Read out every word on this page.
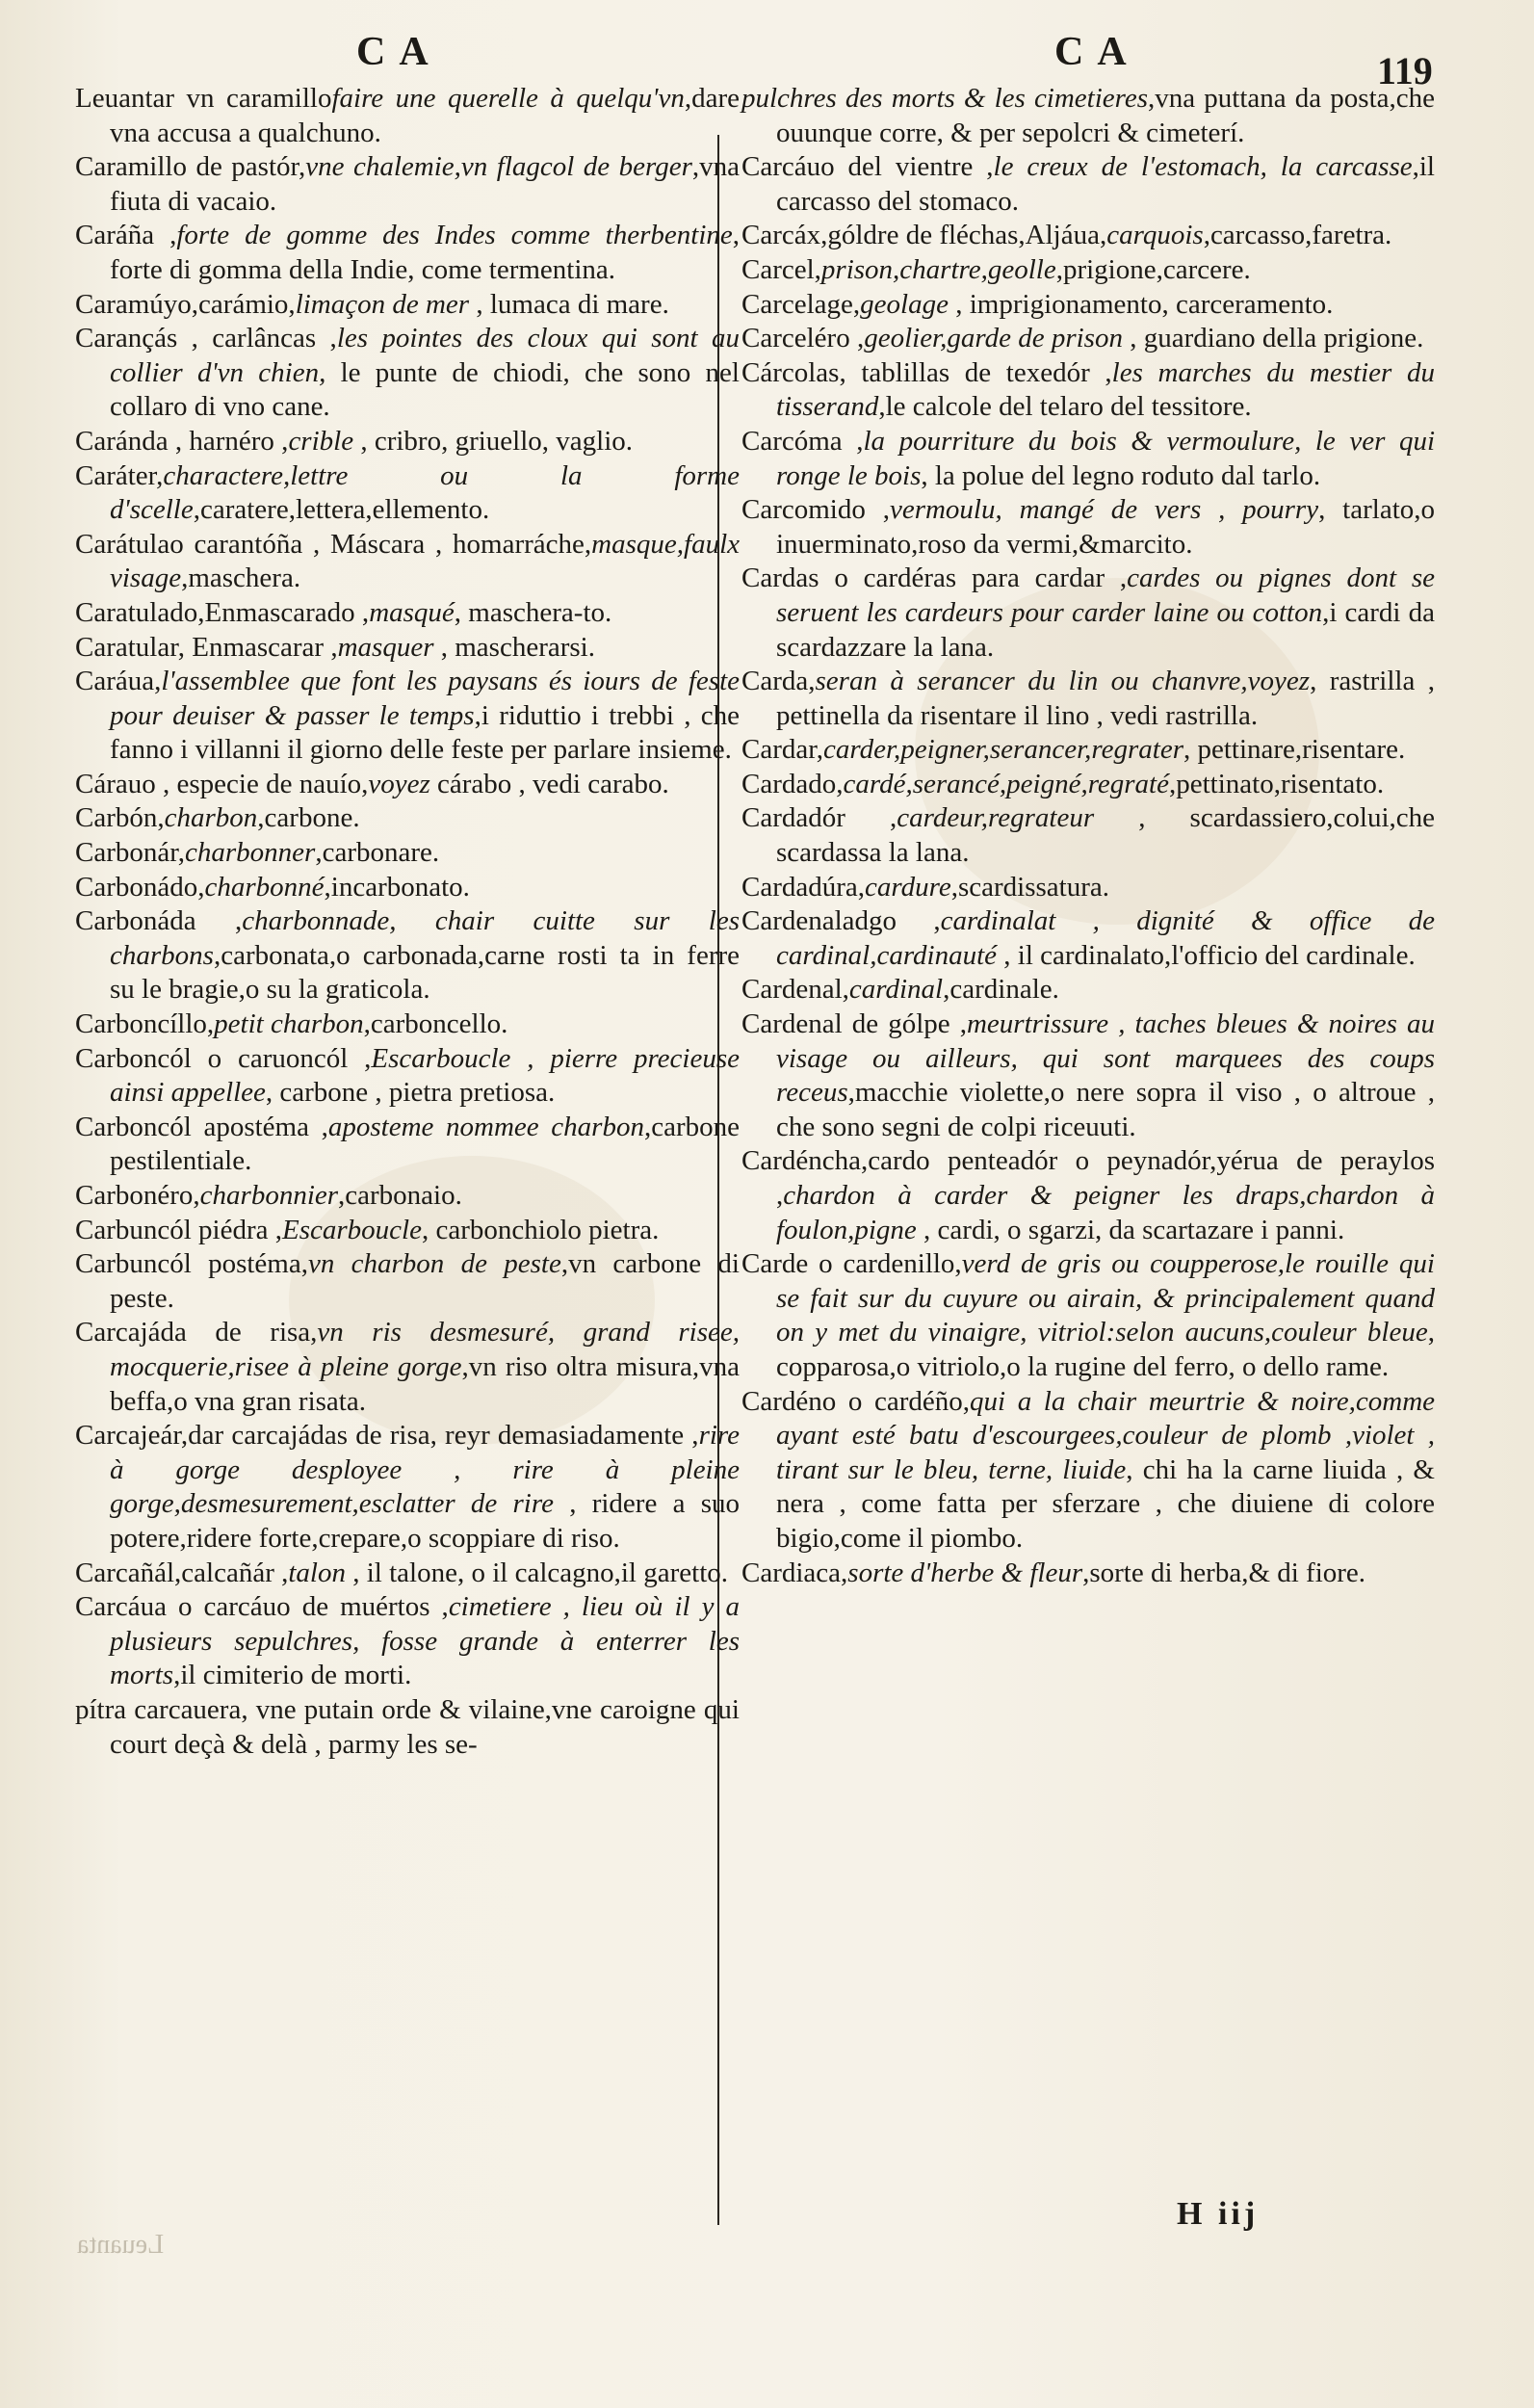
CA	CA	119
Leuantar vn caramillofaire une querelle à quelqu'vn,dare vna accusa a qualchuno.
Caramillo de pastór,vne chalemie,vn flagcol de berger,vna fiuta di vacaio.
Caráña ,forte de gomme des Indes comme therbentine, forte di gomma della Indie, come termentina.
Caramúyo,carámio,limaçon de mer , lumaca di mare.
Carançás , carlâncas ,les pointes des cloux qui sont au collier d'vn chien, le punte de chiodi, che sono nel collaro di vno cane.
Caránda , harnéro ,crible , cribro, griuello, vaglio.
Caráter,charactere,lettre ou la forme d'scelle,caratere,lettera,ellemento.
Carátulao carantóña , Máscara , homarráche,masque,faulx visage,maschera.
Caratulado,Enmascarado ,masqué, maschera-to.
Caratular, Enmascarar ,masquer , mascherarsi.
Caráua,l'assemblee que font les paysans és iours de feste pour deuiser & passer le temps,i riduttio i trebbi , che fanno i villanni il giorno delle feste per parlare insieme.
Cárauo , especie de nauío,voyez cárabo , vedi carabo.
Carbón,charbon,carbone.
Carbonár,charbonner,carbonare.
Carbonádo,charbonné,incarbonato.
Carbonáda ,charbonnade, chair cuitte sur les charbons,carbonata,o carbonada,carne rosti ta in ferre su le bragie,o su la graticola.
Carboncíllo,petit charbon,carboncello.
Carboncól o caruoncól ,Escarboucle , pierre precieuse ainsi appellee, carbone , pietra pretiosa.
Carboncól apostéma ,aposteme nommee charbon,carbone pestilentiale.
Carbonéro,charbonnier,carbonaio.
Carbuncól piédra ,Escarboucle, carbonchiolo pietra.
Carbuncól postéma,vn charbon de peste,vn carbone di peste.
Carcajáda de risa,vn ris desmesuré, grand risee, mocquerie,risee à pleine gorge,vn riso oltra misura,vna beffa,o vna gran risata.
Carcajeár,dar carcajádas de risa, reyr demasiadamente ,rire à gorge desployee , rire à pleine gorge,desmesurement,esclatter de rire , ridere a suo potere,ridere forte,crepare,o scoppiare di riso.
Carcañál,calcañár ,talon , il talone, o il calcagno,il garetto.
Carcáua o carcáuo de muértos ,cimetiere , lieu où il y a plusieurs sepulchres, fosse grande à enterrer les morts,il cimiterio de morti.
pítra carcauera, vne putain orde & vilaine,vne caroigne qui court deçà & delà , parmy les se-
pulchres des morts & les cimetieres,vna puttana da posta,che ouunque corre, & per sepolcri & cimeterí.
Carcáuo del vientre ,le creux de l'estomach, la carcasse,il carcasso del stomaco.
Carcáx,góldre de fléchas,Aljáua,carquois,carcasso,faretra.
Carcel,prison,chartre,geolle,prigione,carcere.
Carcelage,geolage , imprigionamento, carceramento.
Carceléro ,geolier,garde de prison , guardiano della prigione.
Cárcolas, tablillas de texedór ,les marches du mestier du tisserand,le calcole del telaro del tessitore.
Carcóma ,la pourriture du bois & vermoulure, le ver qui ronge le bois, la polue del legno roduto dal tarlo.
Carcomido ,vermoulu, mangé de vers , pourry, tarlato,o inuerminato,roso da vermi,&marcito.
Cardas o cardéras para cardar ,cardes ou pignes dont se seruent les cardeurs pour carder laine ou cotton,i cardi da scardazzare la lana.
Carda,seran à serancer du lin ou chanvre,voyez, rastrilla , pettinella da risentare il lino , vedi rastrilla.
Cardar,carder,peigner,serancer,regrater, pettinare,risentare.
Cardado,cardé,serancé,peigné,regraté,pettinato,risentato.
Cardadór ,cardeur,regrateur , scardassiero,colui,che scardassa la lana.
Cardadúra,cardure,scardissatura.
Cardenaladgo ,cardinalat , dignité & office de cardinal,cardinauté , il cardinalato,l'officio del cardinale.
Cardenal,cardinal,cardinale.
Cardenal de gólpe ,meurtrissure , taches bleues & noires au visage ou ailleurs, qui sont marquees des coups receus,macchie violette,o nere sopra il viso , o altroue , che sono segni de colpi riceuuti.
Cardéncha,cardo penteadór o peynadór,yérua de peraylos ,chardon à carder & peigner les draps,chardon à foulon,pigne , cardi, o sgarzi, da scartazare i panni.
Carde o cardenillo,verd de gris ou coupperose,le rouille qui se fait sur du cuyure ou airain, & principalement quand on y met du vinaigre, vitriol:selon aucuns,couleur bleue, copparosa,o vitriolo,o la rugine del ferro, o dello rame.
Cardéno o cardéño,qui a la chair meurtrie & noire,comme ayant esté batu d'escourgees,couleur de plomb ,violet , tirant sur le bleu, terne, liuide, chi ha la carne liuida , & nera , come fatta per sferzare , che diuiene di colore bigio,come il piombo.
Cardiaca,sorte d'herbe & fleur,sorte di herba,& di fiore.
H iij
Leuanta
